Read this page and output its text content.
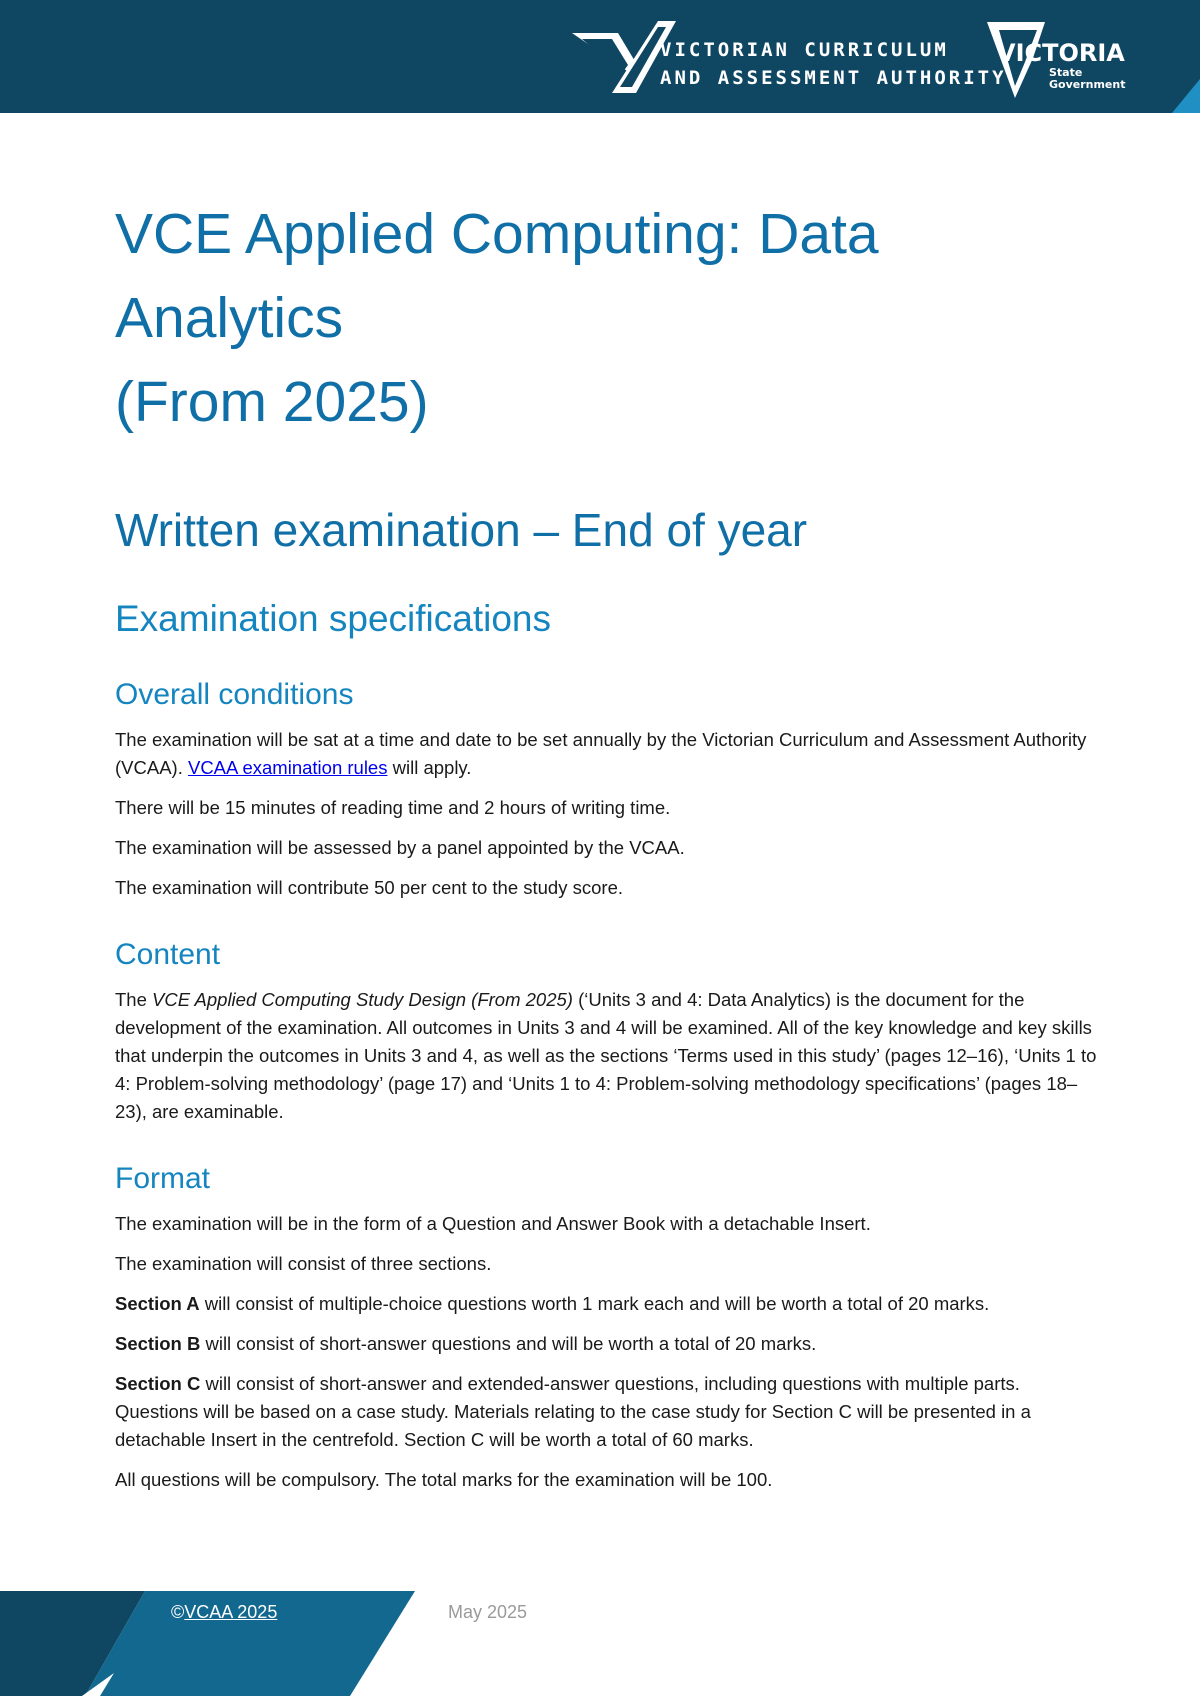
VICTORIAN CURRICULUM
AND ASSESSMENT AUTHORITY
VICTORIA
State
Government
VCE Applied Computing: Data
Analytics
(From 2025)
Written examination – End of year
Examination specifications
Overall conditions

The examination will be sat at a time and date to be set annually by the Victorian Curriculum and Assessment Authority (VCAA). VCAA examination rules will apply.

There will be 15 minutes of reading time and 2 hours of writing time.

The examination will be assessed by a panel appointed by the VCAA.

The examination will contribute 50 per cent to the study score.

Content

The VCE Applied Computing Study Design (From 2025) (‘Units 3 and 4: Data Analytics) is the document for the development of the examination. All outcomes in Units 3 and 4 will be examined. All of the key knowledge and key skills that underpin the outcomes in Units 3 and 4, as well as the sections ‘Terms used in this study’ (pages 12–16), ‘Units 1 to 4: Problem-solving methodology’ (page 17) and ‘Units 1 to 4: Problem-solving methodology specifications’ (pages 18–23), are examinable.

Format

The examination will be in the form of a Question and Answer Book with a detachable Insert.

The examination will consist of three sections.

Section A will consist of multiple-choice questions worth 1 mark each and will be worth a total of 20 marks.

Section B will consist of short-answer questions and will be worth a total of 20 marks.

Section C will consist of short-answer and extended-answer questions, including questions with multiple parts. Questions will be based on a case study. Materials relating to the case study for Section C will be presented in a detachable Insert in the centrefold. Section C will be worth a total of 60 marks.

All questions will be compulsory. The total marks for the examination will be 100.

©VCAA 2025	May 2025
